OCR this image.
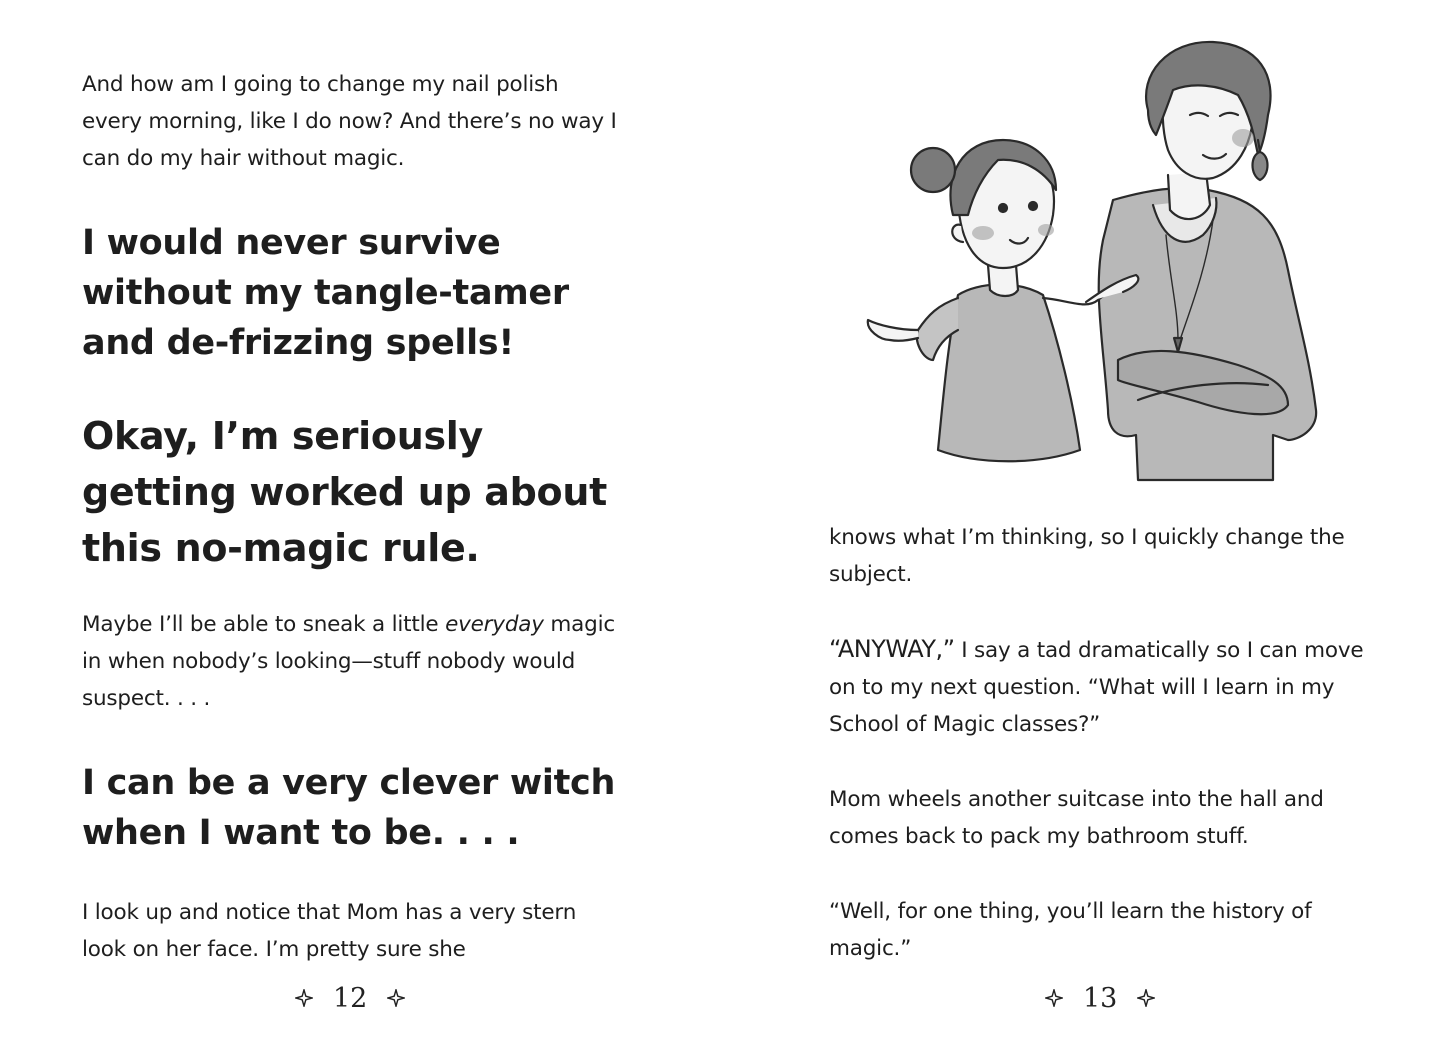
And how am I going to change my nail polish every morning, like I do now? And there’s no way I can do my hair without magic.

I would never survive without my tangle-tamer and de-frizzing spells!

Okay, I’m seriously getting worked up about this no-magic rule.

Maybe I’ll be able to sneak a little everyday magic in when nobody’s looking—stuff nobody would suspect. . . .

I can be a very clever witch when I want to be. . . .

I look up and notice that Mom has a very stern look on her face. I’m pretty sure she

12

knows what I’m thinking, so I quickly change the subject.

“ANYWAY,” I say a tad dramatically so I can move on to my next question. “What will I learn in my School of Magic classes?”

Mom wheels another suitcase into the hall and comes back to pack my bathroom stuff.

“Well, for one thing, you’ll learn the history of magic.”

13
